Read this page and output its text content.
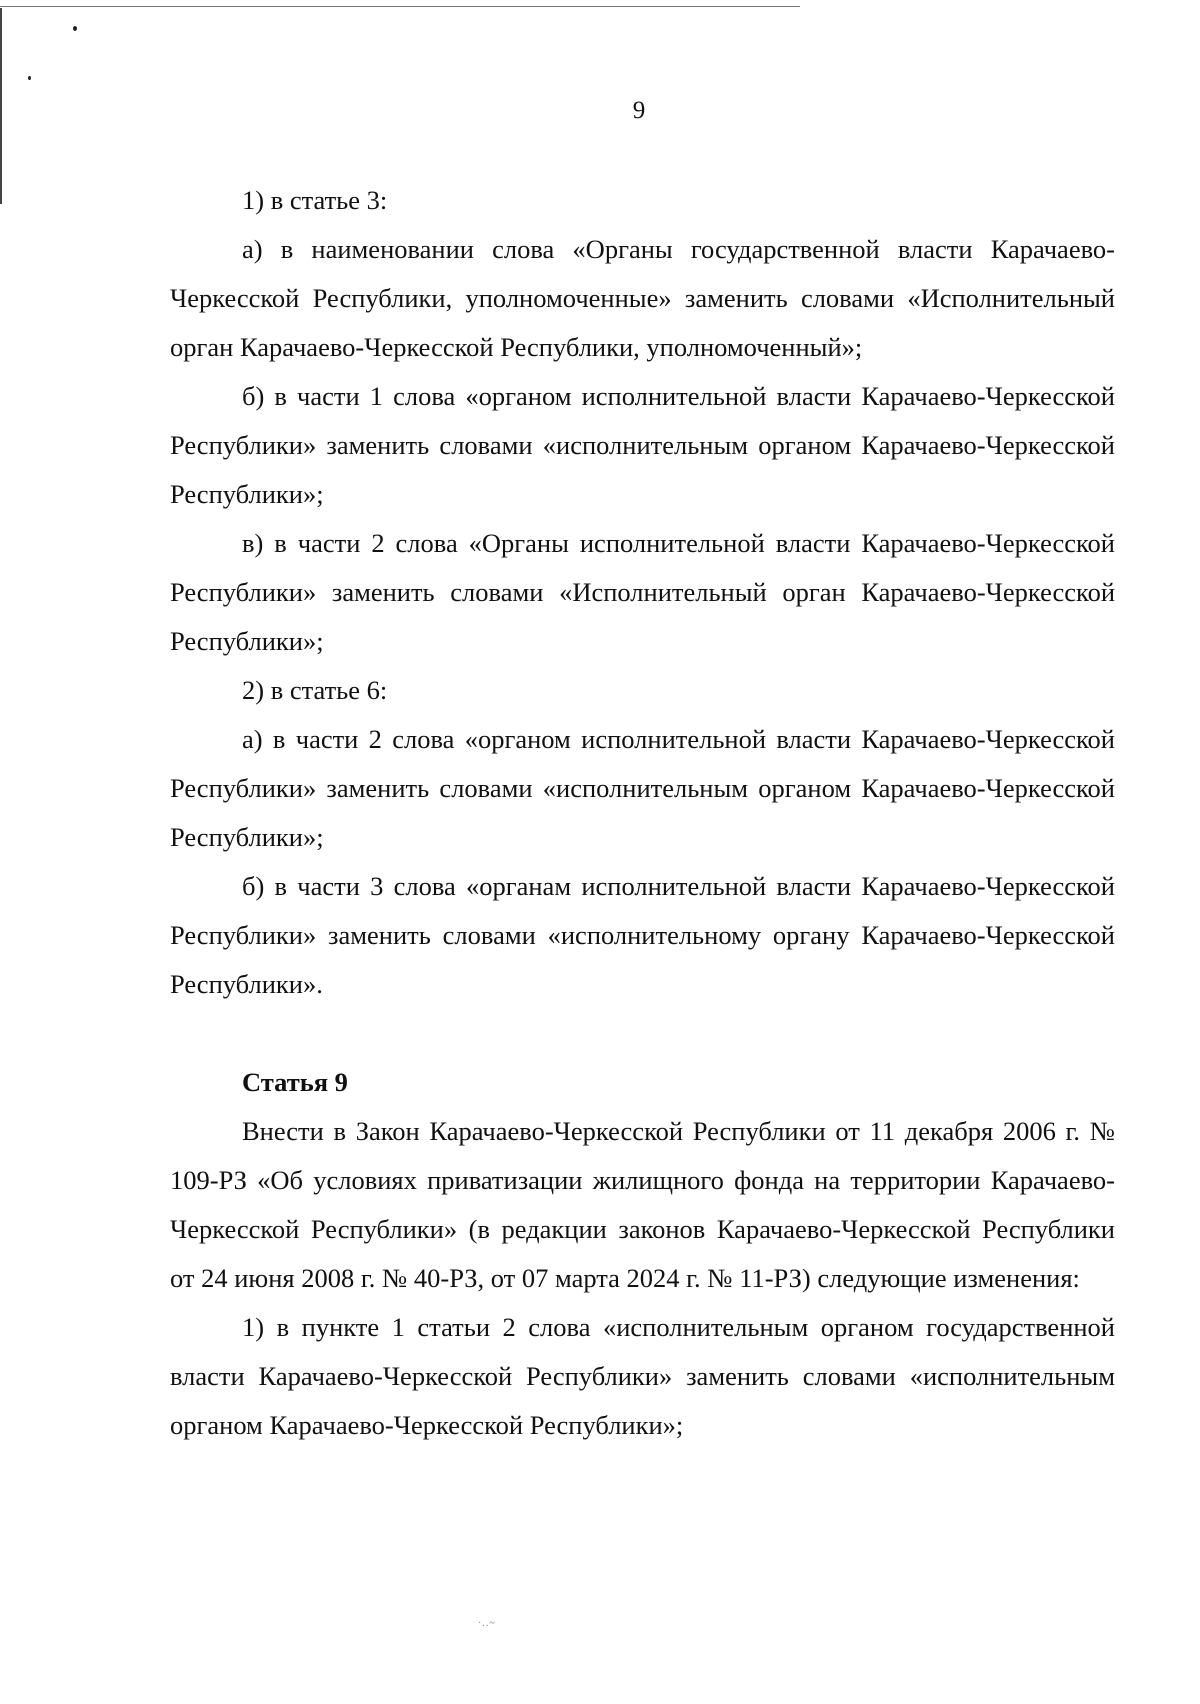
9

1) в статье 3:

а) в наименовании слова «Органы государственной власти Карачаево-Черкесской Республики, уполномоченные» заменить словами «Исполнительный орган Карачаево-Черкесской Республики, уполномоченный»;

б) в части 1 слова «органом исполнительной власти Карачаево-Черкесской Республики» заменить словами «исполнительным органом Карачаево-Черкесской Республики»;

в) в части 2 слова «Органы исполнительной власти Карачаево-Черкесской Республики» заменить словами «Исполнительный орган Карачаево-Черкесской Республики»;

2) в статье 6:

а) в части 2 слова «органом исполнительной власти Карачаево-Черкесской Республики» заменить словами «исполнительным органом Карачаево-Черкесской Республики»;

б) в части 3 слова «органам исполнительной власти Карачаево-Черкесской Республики» заменить словами «исполнительному органу Карачаево-Черкесской Республики».

Статья 9

Внести в Закон Карачаево-Черкесской Республики от 11 декабря 2006 г. № 109-РЗ «Об условиях приватизации жилищного фонда на территории Карачаево-Черкесской Республики» (в редакции законов Карачаево-Черкесской Республики от 24 июня 2008 г. № 40-РЗ, от 07 марта 2024 г. № 11-РЗ) следующие изменения:

1) в пункте 1 статьи 2 слова «исполнительным органом государственной власти Карачаево-Черкесской Республики» заменить словами «исполнительным органом Карачаево-Черкесской Республики»;

·..~
